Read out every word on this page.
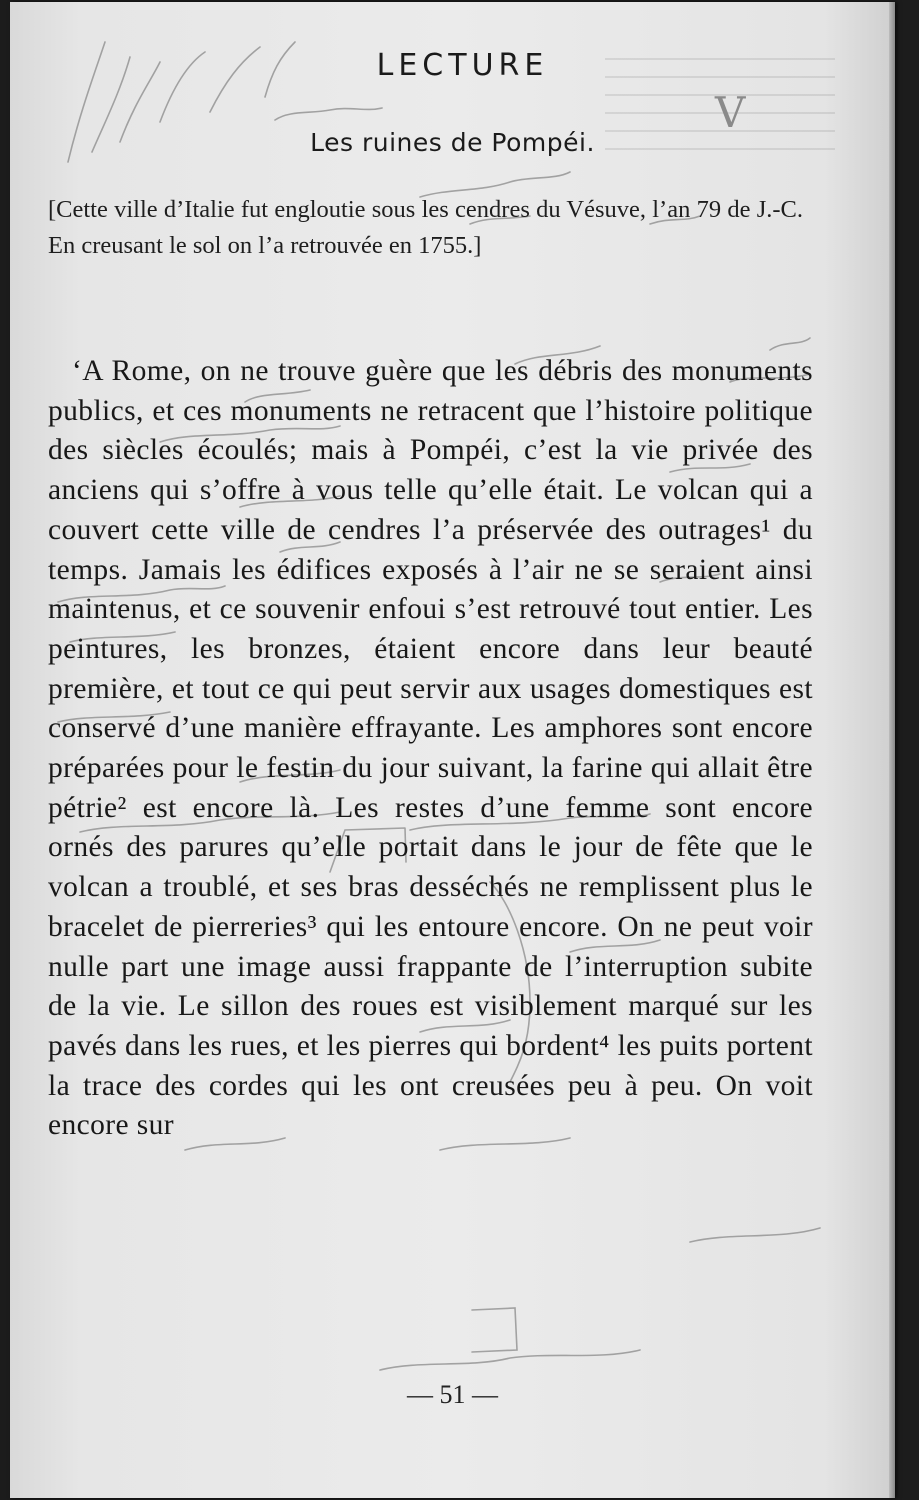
LECTURE
Les ruines de Pompéi.
V
[Cette ville d’Italie fut engloutie sous les cendres du Vésuve, l’an 79 de J.-C. En creusant le sol on l’a retrouvée en 1755.]

‘A Rome, on ne trouve guère que les débris des monuments publics, et ces monuments ne retracent que l’histoire politique des siècles écoulés; mais à Pompéi, c’est la vie privée des anciens qui s’offre à vous telle qu’elle était. Le volcan qui a couvert cette ville de cendres l’a préservée des outrages¹ du temps. Jamais les édifices exposés à l’air ne se seraient ainsi maintenus, et ce souvenir enfoui s’est retrouvé tout entier. Les peintures, les bronzes, étaient encore dans leur beauté première, et tout ce qui peut servir aux usages domestiques est conservé d’une manière effrayante. Les amphores sont encore préparées pour le festin du jour suivant, la farine qui allait être pétrie² est encore là. Les restes d’une femme sont encore ornés des parures qu’elle portait dans le jour de fête que le volcan a troublé, et ses bras desséchés ne remplissent plus le bracelet de pierreries³ qui les entoure encore. On ne peut voir nulle part une image aussi frappante de l’interruption subite de la vie. Le sillon des roues est visiblement marqué sur les pavés dans les rues, et les pierres qui bordent⁴ les puits portent la trace des cordes qui les ont creusées peu à peu. On voit encore sur

— 51 —
